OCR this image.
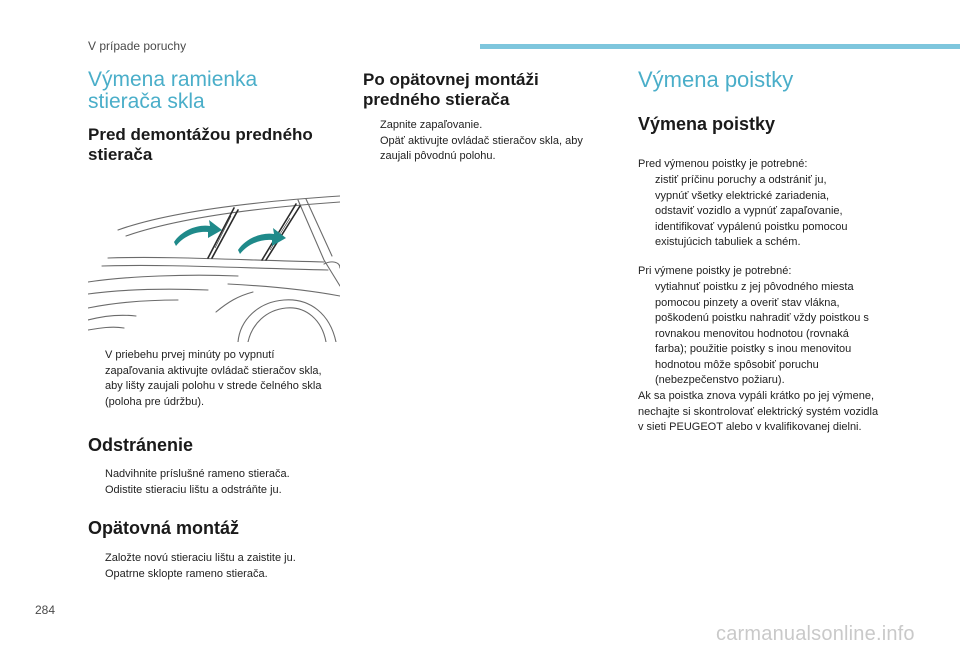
V prípade poruchy
Výmena ramienka
stierača skla
Pred demontážou predného
stierača
V priebehu prvej minúty po vypnutí zapaľovania aktivujte ovládač stieračov skla, aby lišty zaujali polohu v strede čelného skla (poloha pre údržbu).
Odstránenie
Nadvihnite príslušné rameno stierača.
Odistite stieraciu lištu a odstráňte ju.
Opätovná montáž
Založte novú stieraciu lištu a zaistite ju.
Opatrne sklopte rameno stierača.
Po opätovnej montáži
predného stierača
Zapnite zapaľovanie.
Opäť aktivujte ovládač stieračov skla, aby zaujali pôvodnú polohu.
Výmena poistky
Výmena poistky

Pred výmenou poistky je potrebné:

zistiť príčinu poruchy a odstrániť ju,
vypnúť všetky elektrické zariadenia,
odstaviť vozidlo a vypnúť zapaľovanie,
identifikovať vypálenú poistku pomocou existujúcich tabuliek a schém.

Pri výmene poistky je potrebné:

vytiahnuť poistku z jej pôvodného miesta pomocou pinzety a overiť stav vlákna,
poškodenú poistku nahradiť vždy poistkou s rovnakou menovitou hodnotou (rovnaká farba); použitie poistky s inou menovitou hodnotou môže spôsobiť poruchu (nebezpečenstvo požiaru).

Ak sa poistka znova vypáli krátko po jej výmene, nechajte si skontrolovať elektrický systém vozidla v sieti PEUGEOT alebo v kvalifikovanej dielni.

284
carmanualsonline.info
